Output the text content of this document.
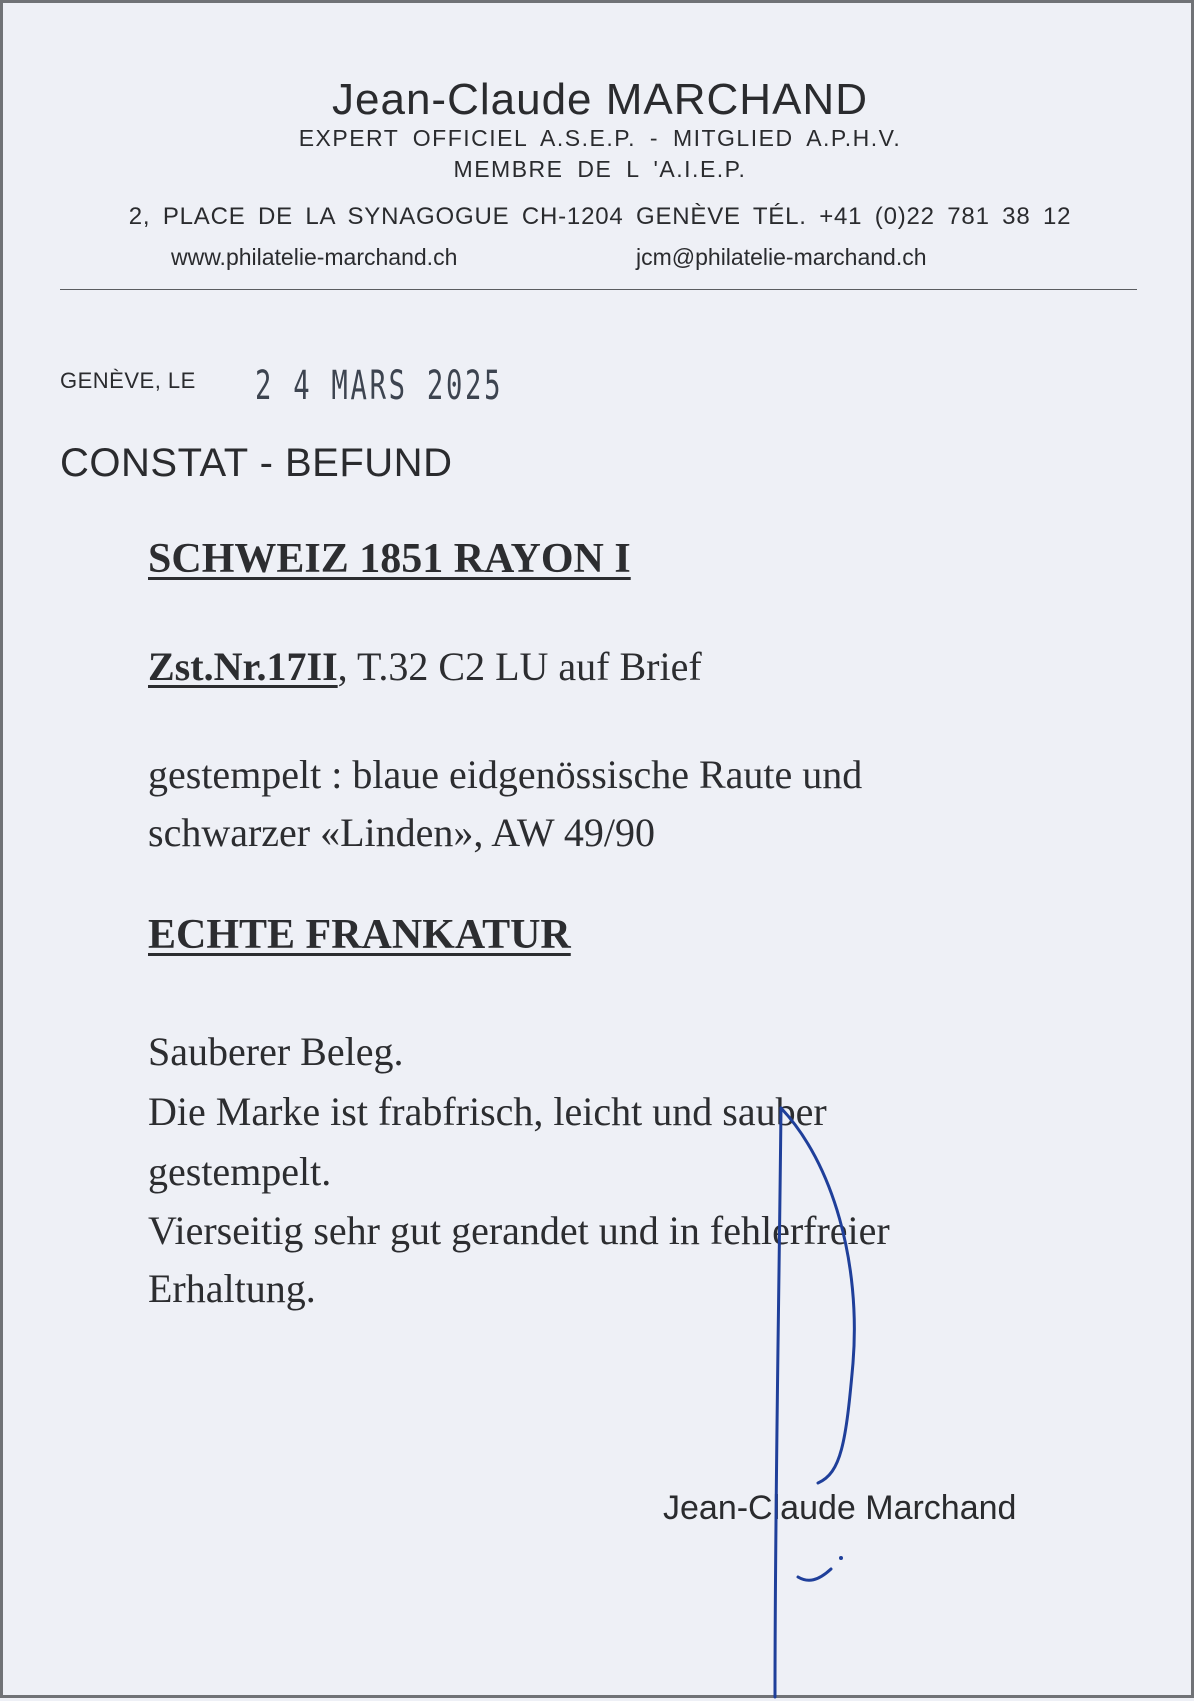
Jean-Claude MARCHAND
EXPERT OFFICIEL A.S.E.P. - MITGLIED A.P.H.V.
MEMBRE DE L 'A.I.E.P.
2, PLACE DE LA SYNAGOGUE CH-1204 GENÈVE TÉL. +41 (0)22 781 38 12
www.philatelie-marchand.ch	jcm@philatelie-marchand.ch
GENÈVE, LE 2 4 MARS 2025
CONSTAT - BEFUND
SCHWEIZ 1851 RAYON I
Zst.Nr.17II, T.32 C2 LU auf Brief
gestempelt : blaue eidgenössische Raute und
schwarzer «Linden», AW 49/90
ECHTE FRANKATUR
Sauberer Beleg.
Die Marke ist frabfrisch, leicht und sauber
gestempelt.
Vierseitig sehr gut gerandet und in fehlerfreier
Erhaltung.
Jean-Claude Marchand
